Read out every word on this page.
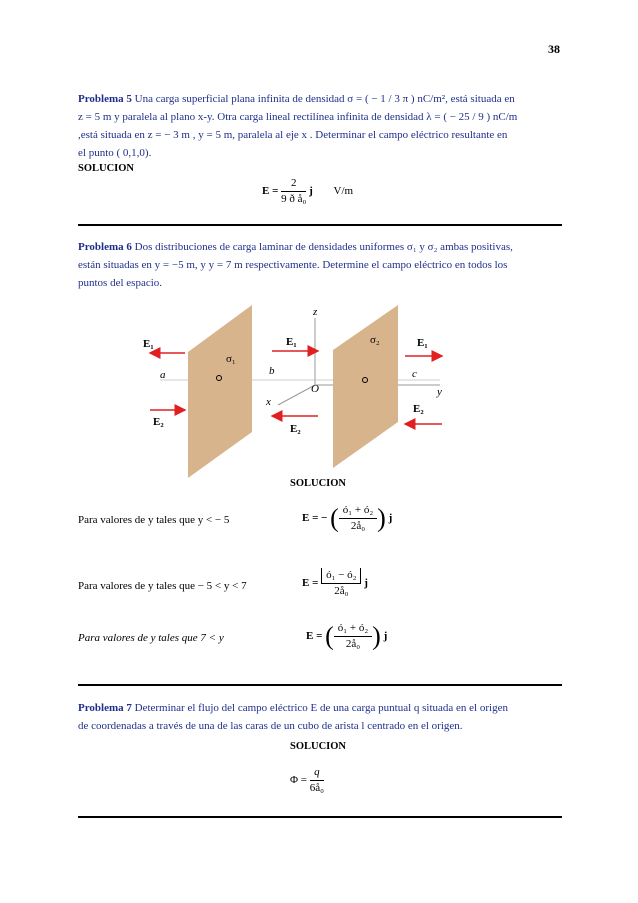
38
Problema 5 Una carga superficial plana infinita de densidad σ = ( − 1 / 3 π ) nC/m², está situada en
z = 5 m y paralela al plano x-y. Otra carga lineal rectilínea infinita de densidad λ = ( − 25 / 9 ) nC/m
,está situada en z = − 3 m , y = 5 m, paralela al eje x . Determinar el campo eléctrico resultante en
el punto ( 0,1,0).
SOLUCION
$E = \frac{2}{\text{9 ð å₀}}$ j V/m
Problema 6 Dos distribuciones de carga laminar de densidades uniformes σ₁ y σ₂ ambas positivas,
están situadas en y = −5 m, y y = 7 m respectivamente. Determine el campo eléctrico en todos los
puntos del espacio.
z
x
y
O
a	b	c
σ₁
σ₂
E₁
E₂
E₁
E₂
E₁
E₂
SOLUCION
Para valores de y tales que y < − 5	E = − ( $\frac{\text{ó₁ + ó₂}}{\text{2å₀}}$ ) j
Para valores de y tales que − 5 < y < 7	$E = \frac{\text{ó₁ − ó₂}}{\text{2å₀}}$ j
Para valores de y tales que 7 < y	E = ( $\frac{\text{ó₁ + ó₂}}{\text{2å₀}}$ ) j
Problema 7 Determinar el flujo del campo eléctrico E de una carga puntual q situada en el origen
de coordenadas a través de una de las caras de un cubo de arista l centrado en el origen.
SOLUCION
$\Phi = \frac{q}{\text{6å₀}}$
